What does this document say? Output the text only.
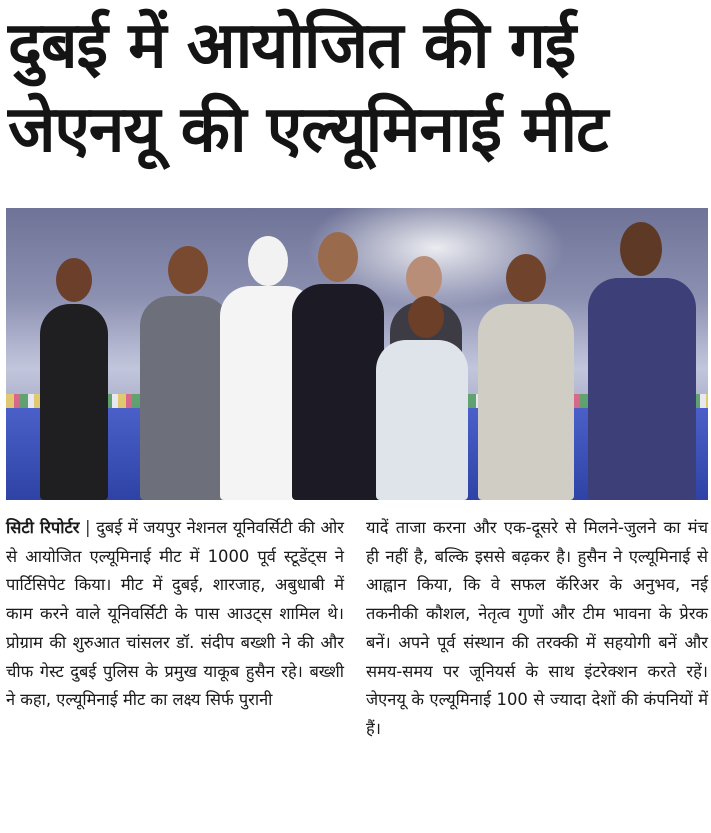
दुबई में आयोजित की गई
जेएनयू की एल्यूमिनाई मीट
सिटी रिपोर्टर | दुबई में जयपुर नेशनल यूनिवर्सिटी की ओर से आयोजित एल्यूमिनाई मीट में 1000 पूर्व स्टूडेंट्स ने पार्टिसिपेट किया। मीट में दुबई, शारजाह, अबुधाबी में काम करने वाले यूनिवर्सिटी के पास आउट्स शामिल थे। प्रोग्राम की शुरुआत चांसलर डॉ. संदीप बख्शी ने की और चीफ गेस्ट दुबई पुलिस के प्रमुख याकूब हुसैन रहे। बख्शी ने कहा, एल्यूमिनाई मीट का लक्ष्य सिर्फ पुरानी
यादें ताजा करना और एक-दूसरे से मिलने-जुलने का मंच ही नहीं है, बल्कि इससे बढ़कर है। हुसैन ने एल्यूमिनाई से आह्वान किया, कि वे सफल कॅरिअर के अनुभव, नई तकनीकी कौशल, नेतृत्व गुणों और टीम भावना के प्रेरक बनें। अपने पूर्व संस्थान की तरक्की में सहयोगी बनें और समय-समय पर जूनियर्स के साथ इंटरेक्शन करते रहें। जेएनयू के एल्यूमिनाई 100 से ज्यादा देशों की कंपनियों में हैं।
